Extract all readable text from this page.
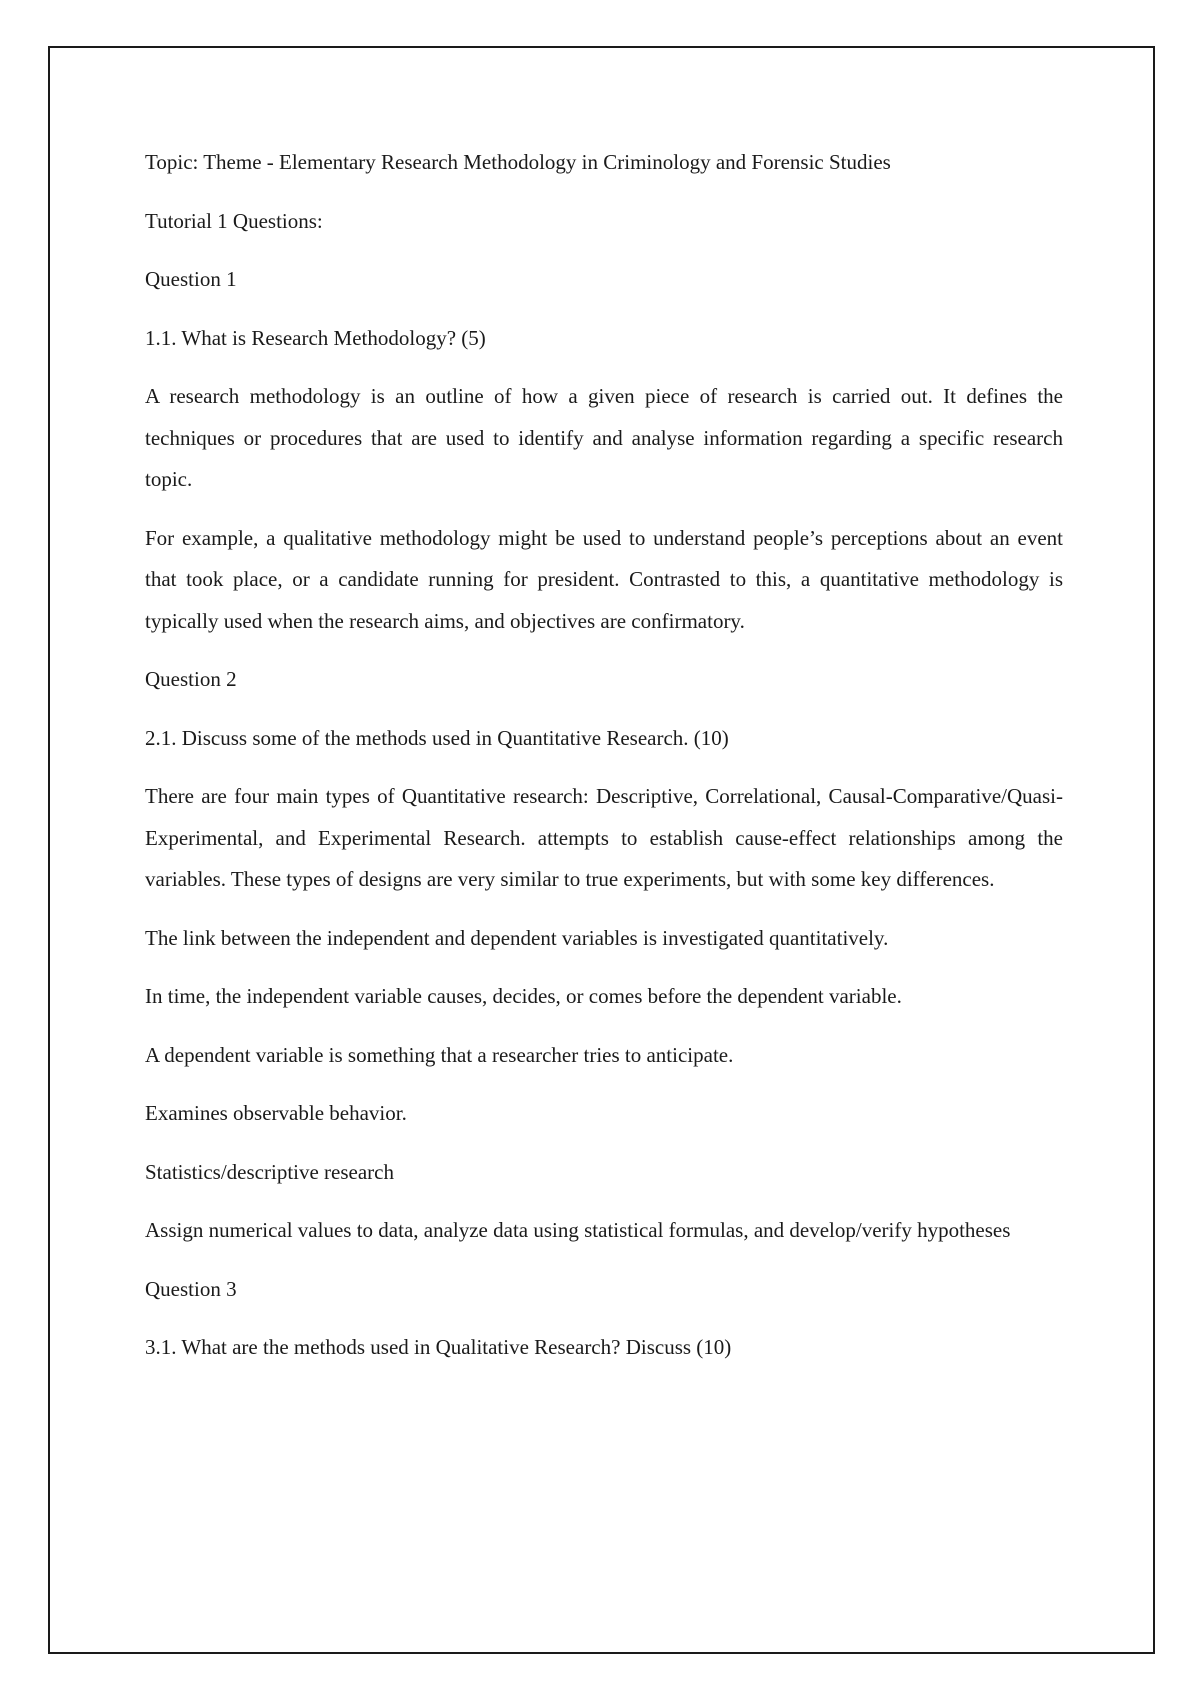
Topic: Theme - Elementary Research Methodology in Criminology and Forensic Studies

Tutorial 1 Questions:

Question 1

1.1. What is Research Methodology? (5)

A research methodology is an outline of how a given piece of research is carried out. It defines the techniques or procedures that are used to identify and analyse information regarding a specific research topic.

For example, a qualitative methodology might be used to understand people’s perceptions about an event that took place, or a candidate running for president. Contrasted to this, a quantitative methodology is typically used when the research aims, and objectives are confirmatory.

Question 2

2.1. Discuss some of the methods used in Quantitative Research. (10)

There are four main types of Quantitative research: Descriptive, Correlational, Causal-Comparative/Quasi-Experimental, and Experimental Research. attempts to establish cause-effect relationships among the variables. These types of designs are very similar to true experiments, but with some key differences.

The link between the independent and dependent variables is investigated quantitatively.

In time, the independent variable causes, decides, or comes before the dependent variable.

A dependent variable is something that a researcher tries to anticipate.

Examines observable behavior.

Statistics/descriptive research

Assign numerical values to data, analyze data using statistical formulas, and develop/verify hypotheses

Question 3

3.1. What are the methods used in Qualitative Research? Discuss (10)
